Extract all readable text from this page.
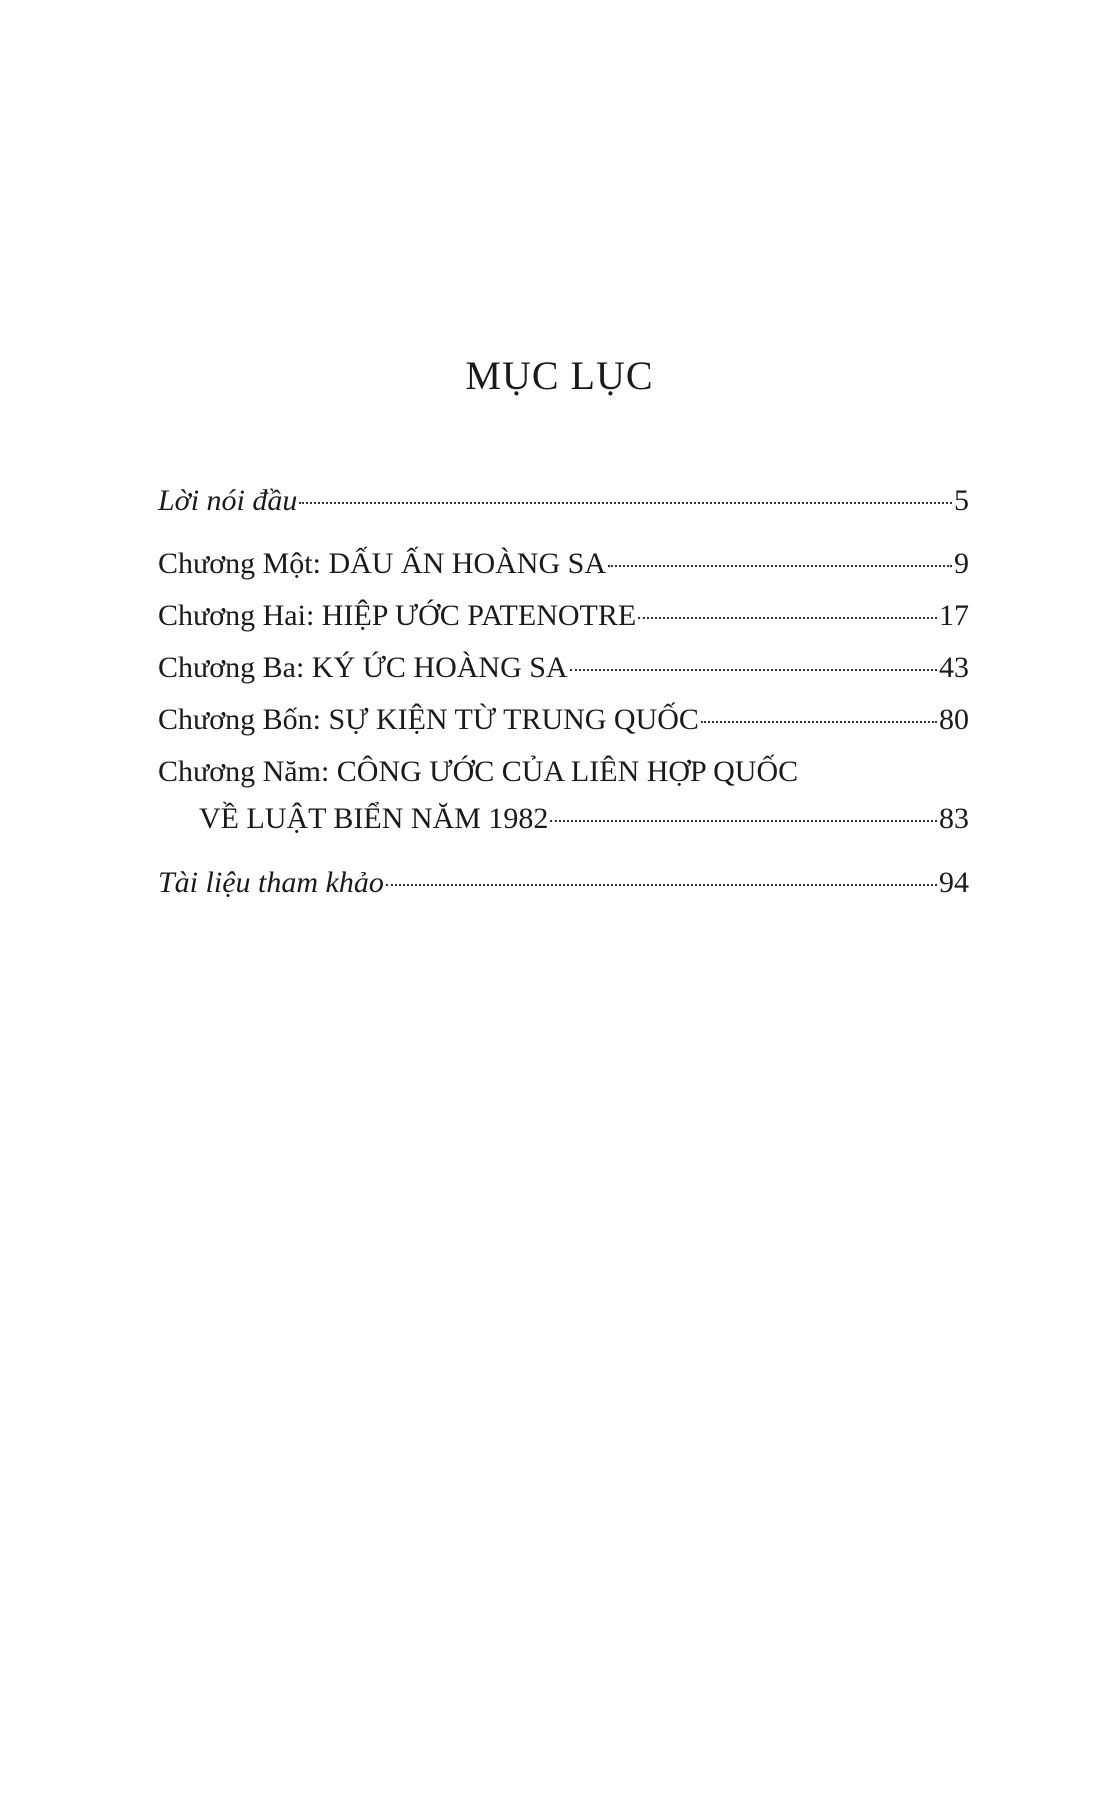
MỤC LỤC
Lời nói đầu	5
Chương Một: DẤU ẤN HOÀNG SA	9
Chương Hai: HIỆP ƯỚC PATENOTRE	17
Chương Ba: KÝ ỨC HOÀNG SA	43
Chương Bốn: SỰ KIỆN TỪ TRUNG QUỐC	80
Chương Năm: CÔNG ƯỚC CỦA LIÊN HỢP QUỐC
VỀ LUẬT BIỂN NĂM 1982	83
Tài liệu tham khảo	94
